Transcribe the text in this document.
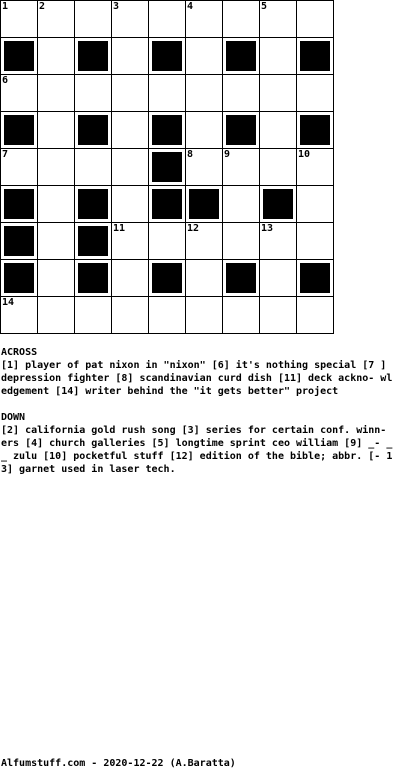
1	2	3	4	5
6
7	8	9	10
11	12	13
14
ACROSS
[1] player of pat nixon in "nixon" [6] it's nothing special [7 ] depression fighter [8] scandinavian curd dish [11] deck ackno- wledgement [14] writer behind the "it gets better" project
DOWN
[2] california gold rush song [3] series for certain conf. winn- ers [4] church galleries [5] longtime sprint ceo william [9] _- __ zulu [10] pocketful stuff [12] edition of the bible; abbr. [- 13] garnet used in laser tech.
Alfumstuff.com - 2020-12-22 (A.Baratta)
